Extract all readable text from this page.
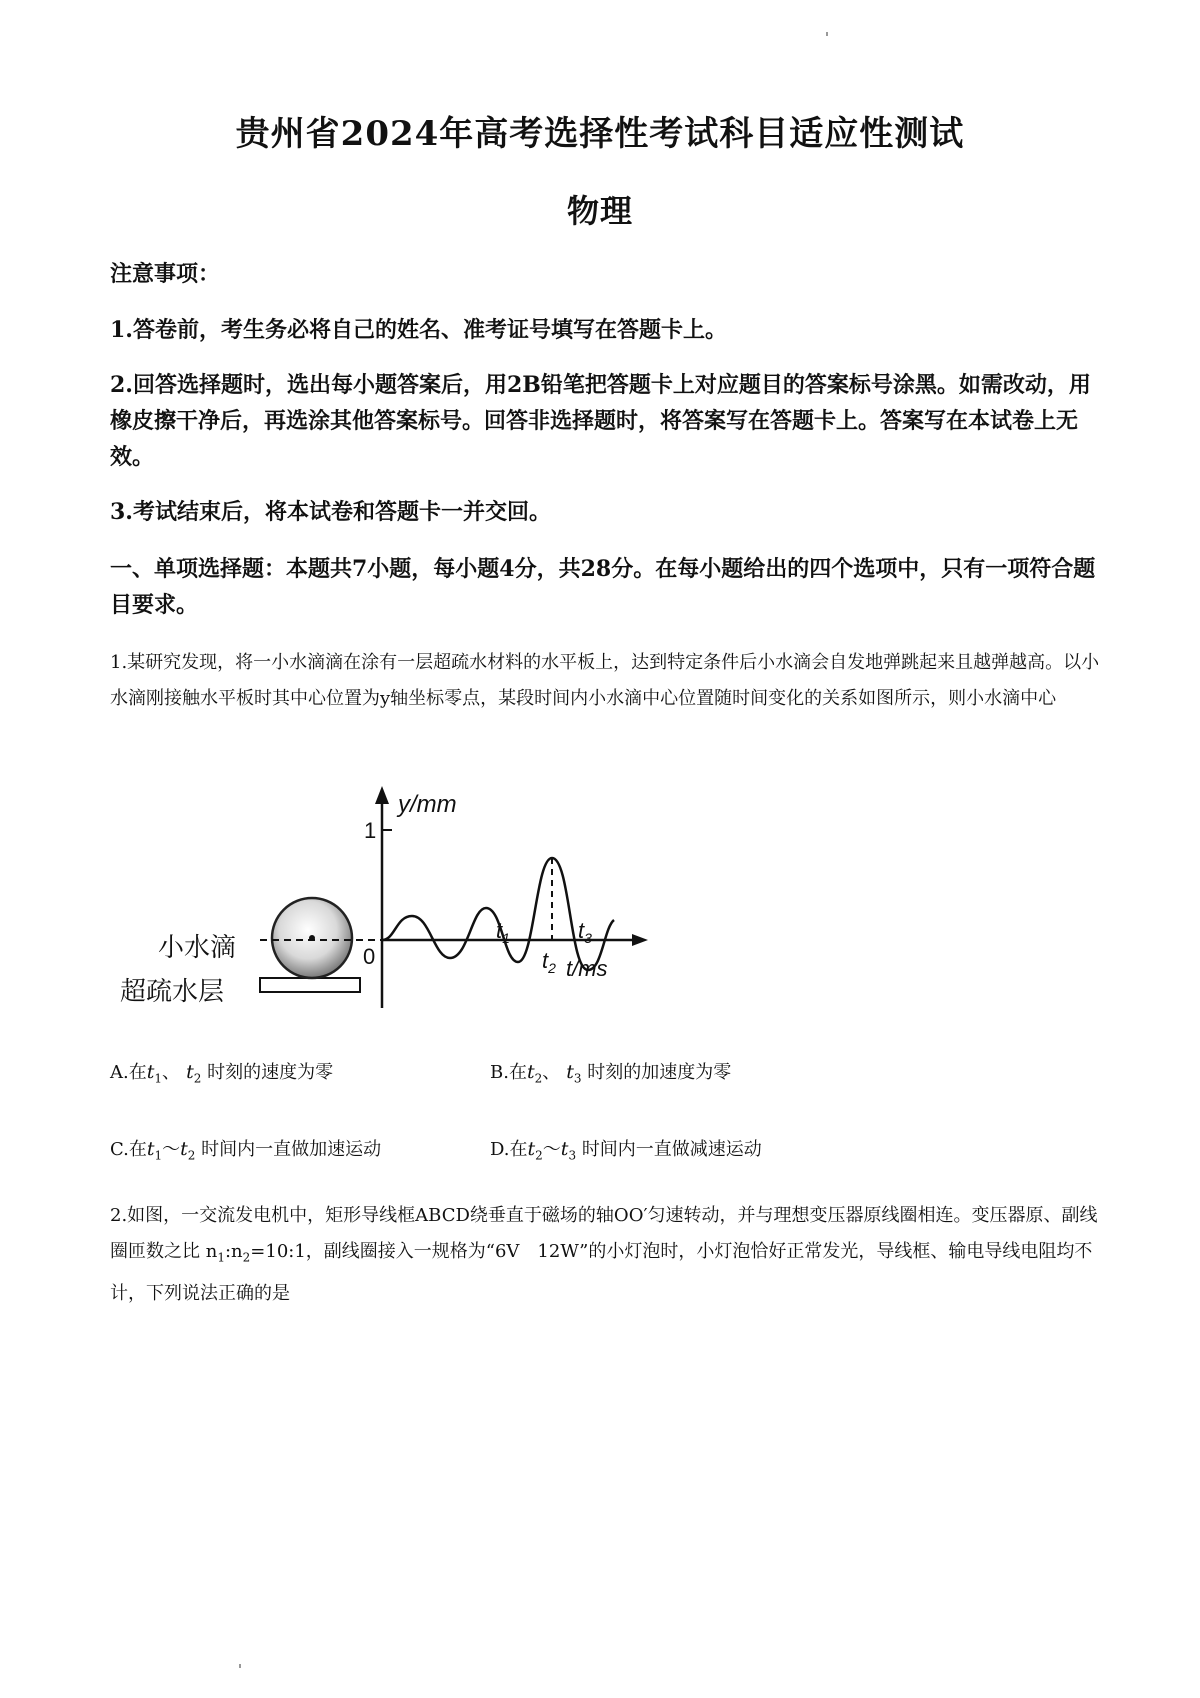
贵州省2024年高考选择性考试科目适应性测试
物理
注意事项：
1.答卷前，考生务必将自己的姓名、准考证号填写在答题卡上。
2.回答选择题时，选出每小题答案后，用2B铅笔把答题卡上对应题目的答案标号涂黑。如需改动，用橡皮擦干净后，再选涂其他答案标号。回答非选择题时，将答案写在答题卡上。答案写在本试卷上无效。
3.考试结束后，将本试卷和答题卡一并交回。
一、单项选择题：本题共7小题，每小题4分，共28分。在每小题给出的四个选项中，只有一项符合题目要求。
1.某研究发现，将一小水滴滴在涂有一层超疏水材料的水平板上，达到特定条件后小水滴会自发地弹跳起来且越弹越高。以小水滴刚接触水平板时其中心位置为y轴坐标零点，某段时间内小水滴中心位置随时间变化的关系如图所示，则小水滴中心
1
y/mm
t/ms
0
小水滴
超疏水层
$t_1$
$t_2$
$t_3$
A.在$t_1$、 $t_2$ 时刻的速度为零	B.在$t_2$、 $t_3$ 时刻的加速度为零
C.在$t_1\sim t_2$ 时间内一直做加速运动	D.在$t_2\sim t_3$ 时间内一直做减速运动
2.如图，一交流发电机中，矩形导线框ABCD绕垂直于磁场的轴OO′匀速转动，并与理想变压器原线圈相连。变压器原、副线圈匝数之比 $n_1:n_2=10:1$，副线圈接入一规格为“6V　12W”的小灯泡时，小灯泡恰好正常发光，导线框、输电导线电阻均不计，下列说法正确的是
